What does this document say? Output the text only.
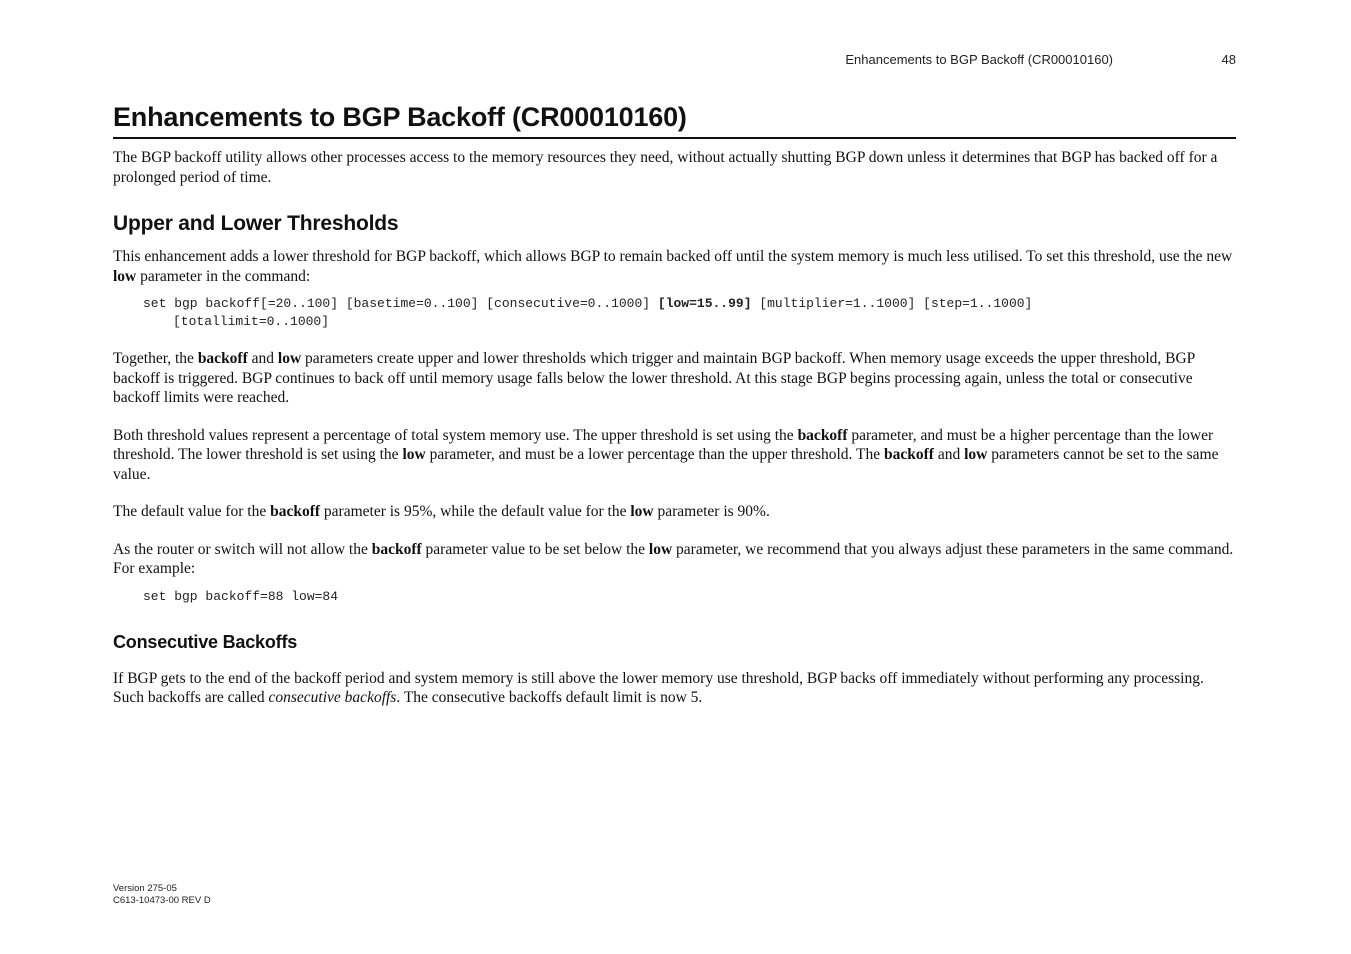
Enhancements to BGP Backoff (CR00010160)	48
Enhancements to BGP Backoff (CR00010160)

The BGP backoff utility allows other processes access to the memory resources they need, without actually shutting BGP down unless it determines that BGP has backed off for a prolonged period of time.

Upper and Lower Thresholds

This enhancement adds a lower threshold for BGP backoff, which allows BGP to remain backed off until the system memory is much less utilised. To set this threshold, use the new low parameter in the command:

set bgp backoff[=20..100] [basetime=0..100] [consecutive=0..1000] [low=15..99] [multiplier=1..1000] [step=1..1000]
[totallimit=0..1000]

Together, the backoff and low parameters create upper and lower thresholds which trigger and maintain BGP backoff. When memory usage exceeds the upper threshold, BGP backoff is triggered. BGP continues to back off until memory usage falls below the lower threshold. At this stage BGP begins processing again, unless the total or consecutive backoff limits were reached.

Both threshold values represent a percentage of total system memory use. The upper threshold is set using the backoff parameter, and must be a higher percentage than the lower threshold. The lower threshold is set using the low parameter, and must be a lower percentage than the upper threshold. The backoff and low parameters cannot be set to the same value.

The default value for the backoff parameter is 95%, while the default value for the low parameter is 90%.

As the router or switch will not allow the backoff parameter value to be set below the low parameter, we recommend that you always adjust these parameters in the same command. For example:

set bgp backoff=88 low=84
Consecutive Backoffs

If BGP gets to the end of the backoff period and system memory is still above the lower memory use threshold, BGP backs off immediately without performing any processing. Such backoffs are called consecutive backoffs. The consecutive backoffs default limit is now 5.

Version 275-05
C613-10473-00 REV D
